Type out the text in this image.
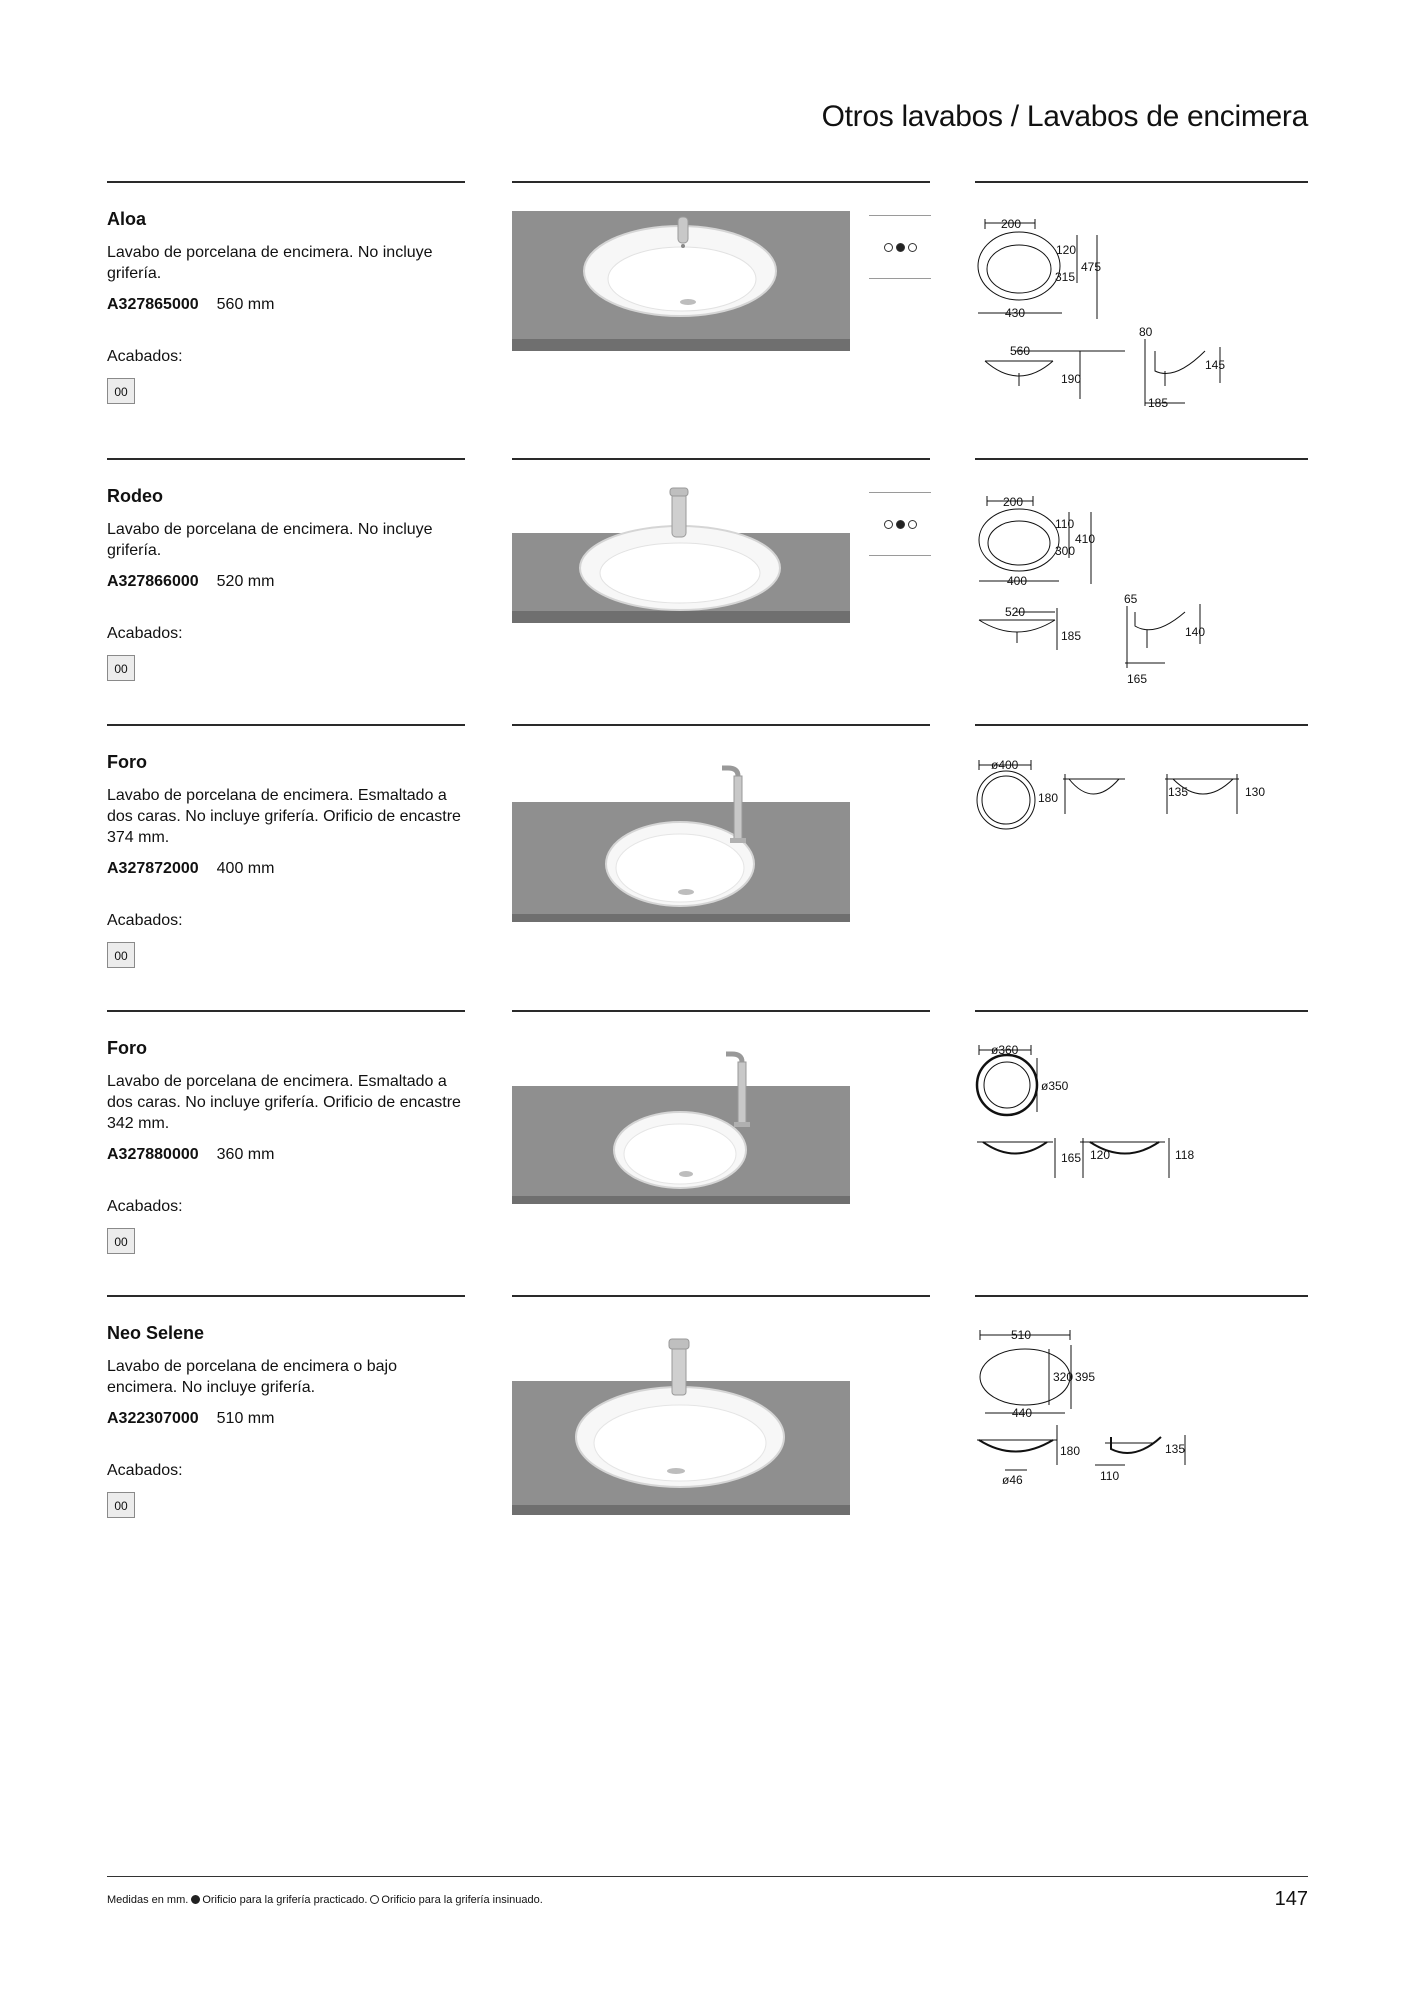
Otros lavabos / Lavabos de encimera
Aloa
Lavabo de porcelana de encimera. No incluye grifería.
A327865000 560 mm
Acabados:
00
200
120
315
475
430
560
190
80
145
185
Rodeo
Lavabo de porcelana de encimera. No incluye grifería.
A327866000 520 mm
Acabados:
00
200
110
300
410
400
520
185
65
140
165
Foro
Lavabo de porcelana de encimera. Esmaltado a dos caras. No incluye grifería. Orificio de encastre 374 mm.
A327872000 400 mm
Acabados:
00
ø400
180	135	130
Foro
Lavabo de porcelana de encimera. Esmaltado a dos caras. No incluye grifería. Orificio de encastre 342 mm.
A327880000 360 mm
Acabados:
00
ø360
ø350
165 120	118
Neo Selene
Lavabo de porcelana de encimera o bajo encimera. No incluye grifería.
A322307000 510 mm
Acabados:
00
510
320 395
440
180
ø46
135
110
Medidas en mm. Orificio para la grifería practicado. Orificio para la grifería insinuado.	147
